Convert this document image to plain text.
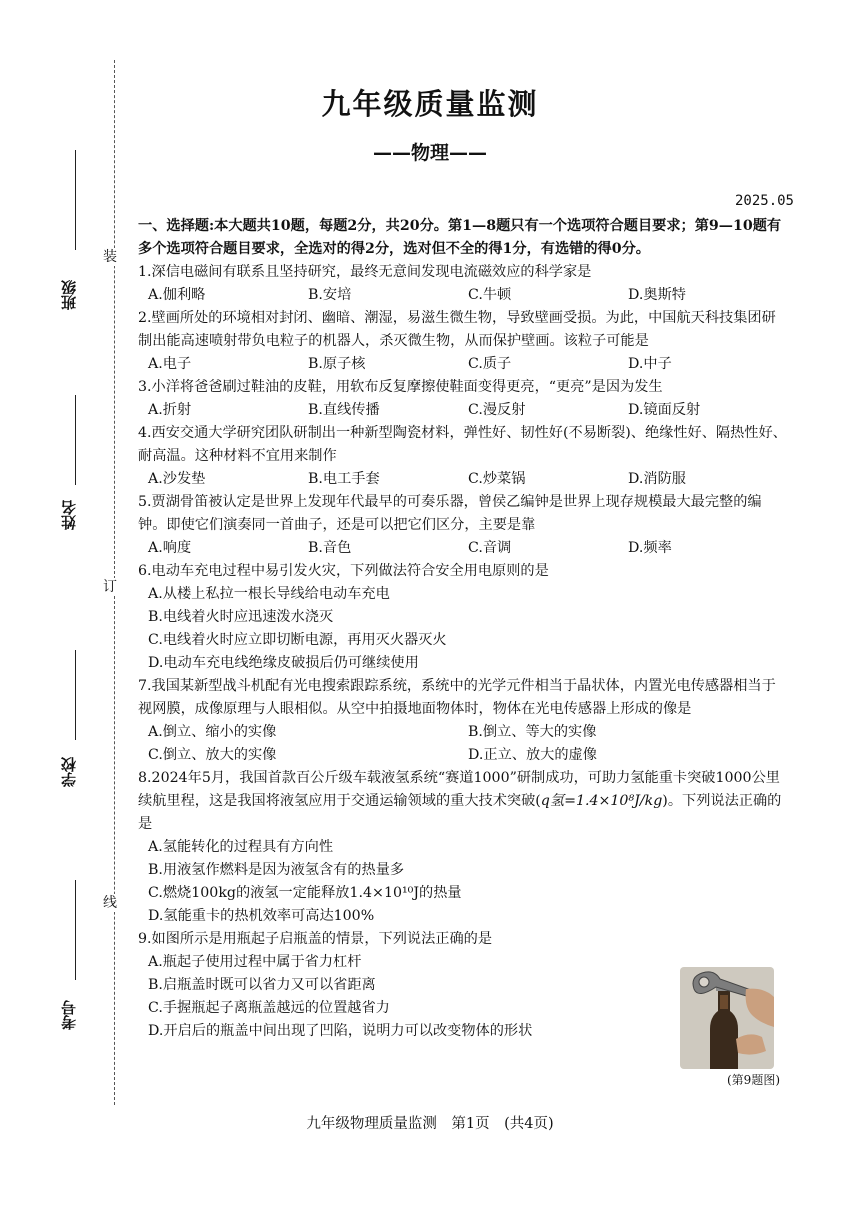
装
订
线
班级
姓名
学校
考号
九年级质量监测
——物理——
2025.05

一、选择题:本大题共10题，每题2分，共20分。第1—8题只有一个选项符合题目要求；第9—10题有多个选项符合题目要求，全选对的得2分，选对但不全的得1分，有选错的得0分。

1.深信电磁间有联系且坚持研究，最终无意间发现电流磁效应的科学家是

A.伽利略	B.安培	C.牛顿	D.奥斯特

2.壁画所处的环境相对封闭、幽暗、潮湿，易滋生微生物，导致壁画受损。为此，中国航天科技集团研制出能高速喷射带负电粒子的机器人，杀灭微生物，从而保护壁画。该粒子可能是

A.电子	B.原子核	C.质子	D.中子

3.小洋将爸爸刷过鞋油的皮鞋，用软布反复摩擦使鞋面变得更亮，“更亮”是因为发生

A.折射	B.直线传播	C.漫反射	D.镜面反射

4.西安交通大学研究团队研制出一种新型陶瓷材料，弹性好、韧性好(不易断裂)、绝缘性好、隔热性好、耐高温。这种材料不宜用来制作

A.沙发垫	B.电工手套	C.炒菜锅	D.消防服

5.贾湖骨笛被认定是世界上发现年代最早的可奏乐器，曾侯乙编钟是世界上现存规模最大最完整的编钟。即使它们演奏同一首曲子，还是可以把它们区分，主要是靠

A.响度	B.音色	C.音调	D.频率

6.电动车充电过程中易引发火灾，下列做法符合安全用电原则的是

A.从楼上私拉一根长导线给电动车充电
B.电线着火时应迅速泼水浇灭
C.电线着火时应立即切断电源，再用灭火器灭火
D.电动车充电线绝缘皮破损后仍可继续使用

7.我国某新型战斗机配有光电搜索跟踪系统，系统中的光学元件相当于晶状体，内置光电传感器相当于视网膜，成像原理与人眼相似。从空中拍摄地面物体时，物体在光电传感器上形成的像是

A.倒立、缩小的实像	B.倒立、等大的实像
C.倒立、放大的实像	D.正立、放大的虚像

8.2024年5月，我国首款百公斤级车载液氢系统“赛道1000”研制成功，可助力氢能重卡突破1000公里续航里程，这是我国将液氢应用于交通运输领域的重大技术突破(q氢=1.4×10⁸J/kg)。下列说法正确的是

A.氢能转化的过程具有方向性
B.用液氢作燃料是因为液氢含有的热量多
C.燃烧100kg的液氢一定能释放1.4×10¹⁰J的热量
D.氢能重卡的热机效率可高达100%

9.如图所示是用瓶起子启瓶盖的情景，下列说法正确的是

A.瓶起子使用过程中属于省力杠杆
B.启瓶盖时既可以省力又可以省距离
C.手握瓶起子离瓶盖越远的位置越省力
D.开启后的瓶盖中间出现了凹陷，说明力可以改变物体的形状
(第9题图)
九年级物理质量监测　第1页　(共4页)
